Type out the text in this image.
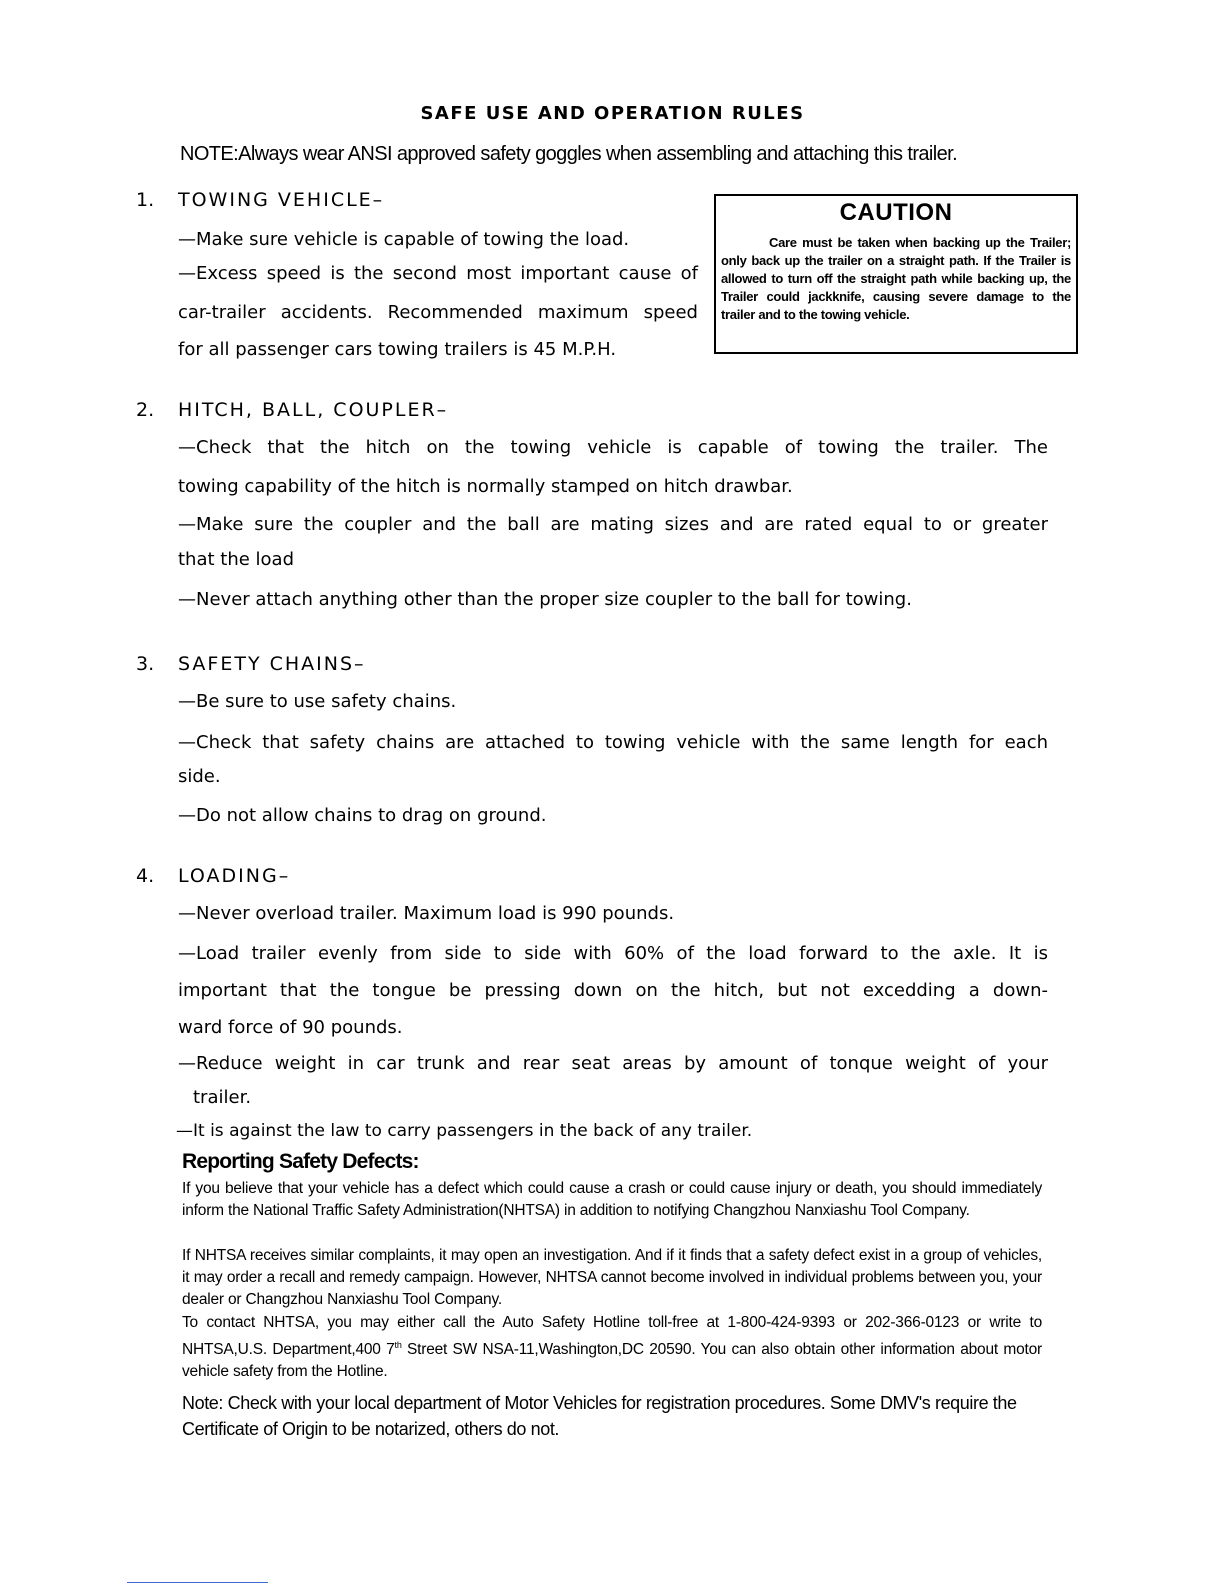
SAFE USE AND OPERATION RULES
NOTE:Always wear ANSI approved safety goggles when assembling and attaching this trailer.
1. TOWING VEHICLE–
—Make sure vehicle is capable of towing the load.
—Excess speed is the second most important cause of
car-trailer accidents. Recommended maximum speed
for all passenger cars towing trailers is 45 M.P.H.
CAUTION
Care must be taken when backing up the Trailer; only back up the trailer on a straight path. If the Trailer is allowed to turn off the straight path while backing up, the Trailer could jackknife, causing severe damage to the trailer and to the towing vehicle.
2. HITCH, BALL, COUPLER–
—Check that the hitch on the towing vehicle is capable of towing the trailer. The
towing capability of the hitch is normally stamped on hitch drawbar.
—Make sure the coupler and the ball are mating sizes and are rated equal to or greater
that the load
—Never attach anything other than the proper size coupler to the ball for towing.
3. SAFETY CHAINS–
—Be sure to use safety chains.
—Check that safety chains are attached to towing vehicle with the same length for each
side.
—Do not allow chains to drag on ground.
4. LOADING–
—Never overload trailer. Maximum load is 990 pounds.
—Load trailer evenly from side to side with 60% of the load forward to the axle. It is
important that the tongue be pressing down on the hitch, but not excedding a down-
ward force of 90 pounds.
—Reduce weight in car trunk and rear seat areas by amount of tonque weight of your
trailer.
—It is against the law to carry passengers in the back of any trailer.
Reporting Safety Defects:
If you believe that your vehicle has a defect which could cause a crash or could cause injury or death, you should immediately inform the National Traffic Safety Administration(NHTSA) in addition to notifying Changzhou Nanxiashu Tool Company.
If NHTSA receives similar complaints, it may open an investigation. And if it finds that a safety defect exist in a group of vehicles, it may order a recall and remedy campaign. However, NHTSA cannot become involved in individual problems between you, your dealer or Changzhou Nanxiashu Tool Company.
To contact NHTSA, you may either call the Auto Safety Hotline toll-free at 1-800-424-9393 or 202-366-0123 or write to NHTSA,U.S. Department,400 7th Street SW NSA-11,Washington,DC 20590. You can also obtain other information about motor vehicle safety from the Hotline.
Note: Check with your local department of Motor Vehicles for registration procedures. Some DMV's require the Certificate of Origin to be notarized, others do not.
